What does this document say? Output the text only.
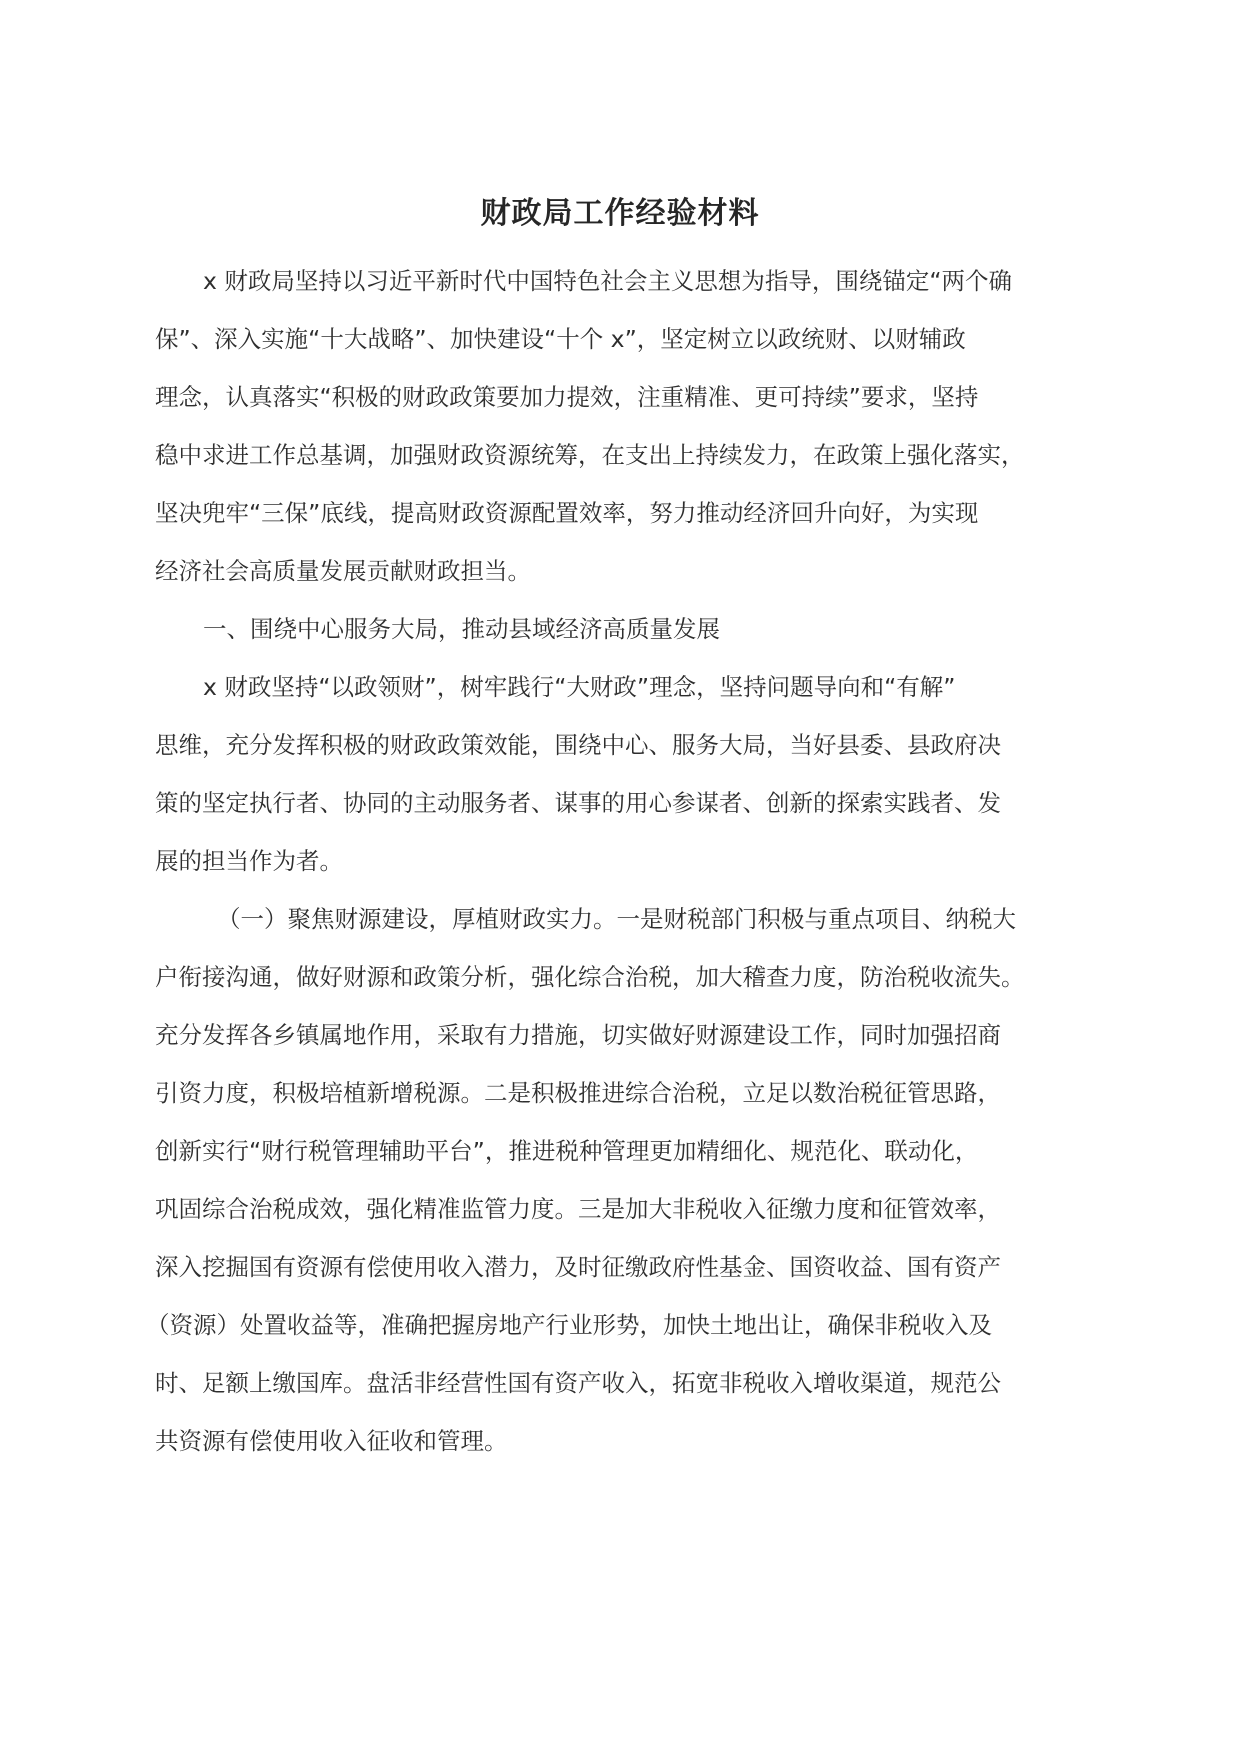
财政局工作经验材料
x 财政局坚持以习近平新时代中国特色社会主义思想为指导，围绕锚定“两个确
保”、深入实施“十大战略”、加快建设“十个 x”，坚定树立以政统财、以财辅政
理念，认真落实“积极的财政政策要加力提效，注重精准、更可持续”要求，坚持
稳中求进工作总基调，加强财政资源统筹，在支出上持续发力，在政策上强化落实，
坚决兜牢“三保”底线，提高财政资源配置效率，努力推动经济回升向好，为实现
经济社会高质量发展贡献财政担当。
一、围绕中心服务大局，推动县域经济高质量发展
x 财政坚持“以政领财”，树牢践行“大财政”理念，坚持问题导向和“有解”
思维，充分发挥积极的财政政策效能，围绕中心、服务大局，当好县委、县政府决
策的坚定执行者、协同的主动服务者、谋事的用心参谋者、创新的探索实践者、发
展的担当作为者。
（一）聚焦财源建设，厚植财政实力。一是财税部门积极与重点项目、纳税大
户衔接沟通，做好财源和政策分析，强化综合治税，加大稽查力度，防治税收流失。
充分发挥各乡镇属地作用，采取有力措施，切实做好财源建设工作，同时加强招商
引资力度，积极培植新增税源。二是积极推进综合治税，立足以数治税征管思路，
创新实行“财行税管理辅助平台”，推进税种管理更加精细化、规范化、联动化，
巩固综合治税成效，强化精准监管力度。三是加大非税收入征缴力度和征管效率，
深入挖掘国有资源有偿使用收入潜力，及时征缴政府性基金、国资收益、国有资产
（资源）处置收益等，准确把握房地产行业形势，加快土地出让，确保非税收入及
时、足额上缴国库。盘活非经营性国有资产收入，拓宽非税收入增收渠道，规范公
共资源有偿使用收入征收和管理。
